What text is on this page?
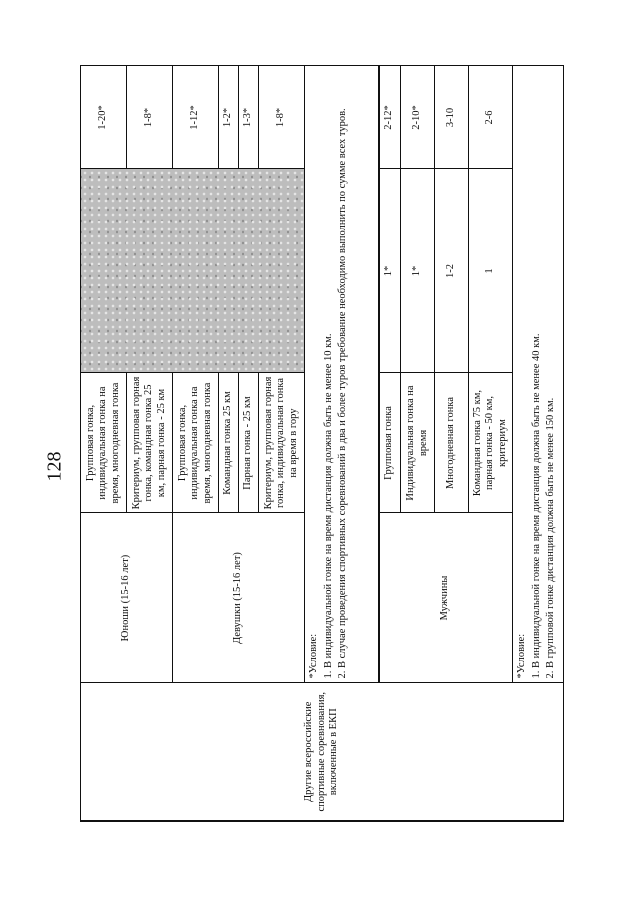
128
Другие всероссийские спортивные соревнования, включенные в ЕКП	Юноши (15-16 лет)	Групповая гонка, индивидуальная гонка на время, многодневная гонка		1-20*
		Критериум, групповая горная гонка, командная гонка 25 км, парная гонка - 25 км		1-8*
	Девушки (15-16 лет)	Групповая гонка, индивидуальная гонка на время, многодневная гонка		1-12*
		Командная гонка 25 км		1-2*
		Парная гонка - 25 км		1-3*
		Критериум, групповая горная гонка, индивидуальная гонка на время в гору		1-8*

	*Условие: 1. В индивидуальной гонке на время дистанция должна быть не менее 10 км. 2. В случае проведения спортивных соревнований в два и более туров требование необходимо выполнить по сумме всех туров.			

	Мужчины	Групповая гонка	1*	2-12*
		Индивидуальная гонка на время	1*	2-10*
		Многодневная гонка	1-2	3-10
		Командная гонка 75 км, парная гонка - 50 км, критериум	1	2-6

	*Условие: 1. В индивидуальной гонке на время дистанция должна быть не менее 40 км. 2. В групповой гонке дистанция должна быть не менее 150 км.			
